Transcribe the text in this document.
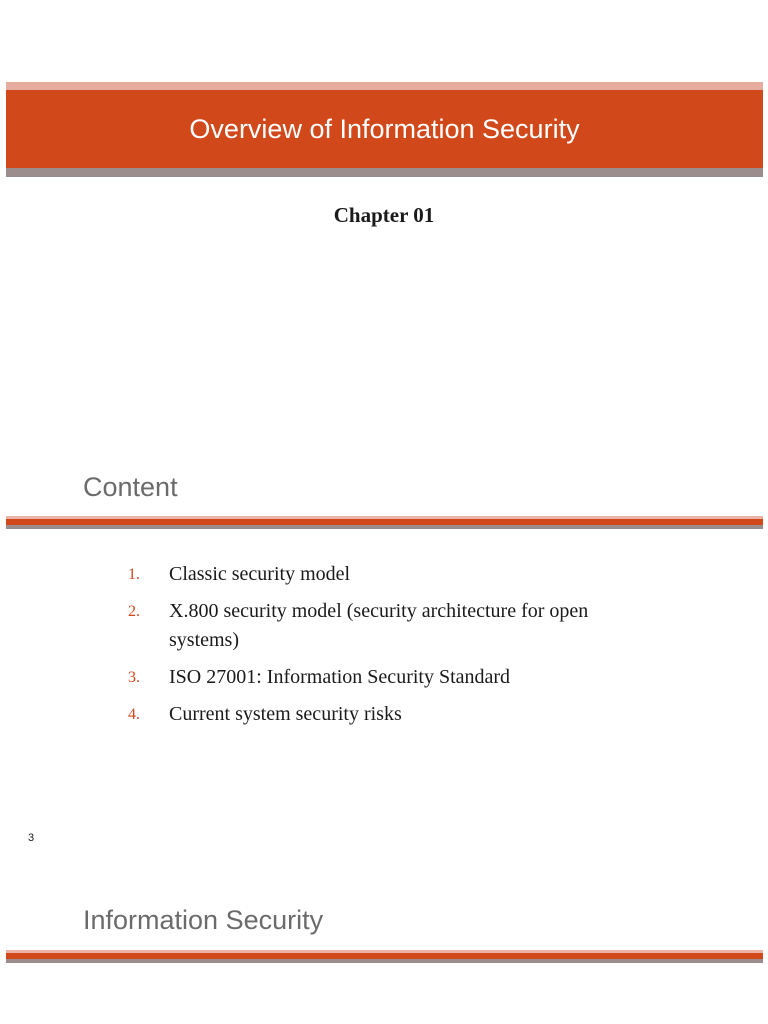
Overview of Information Security
Chapter 01
Content
1.	Classic security model
2.	X.800 security model (security architecture for open systems)
3.	ISO 27001: Information Security Standard
4.	Current system security risks
3
Information Security
